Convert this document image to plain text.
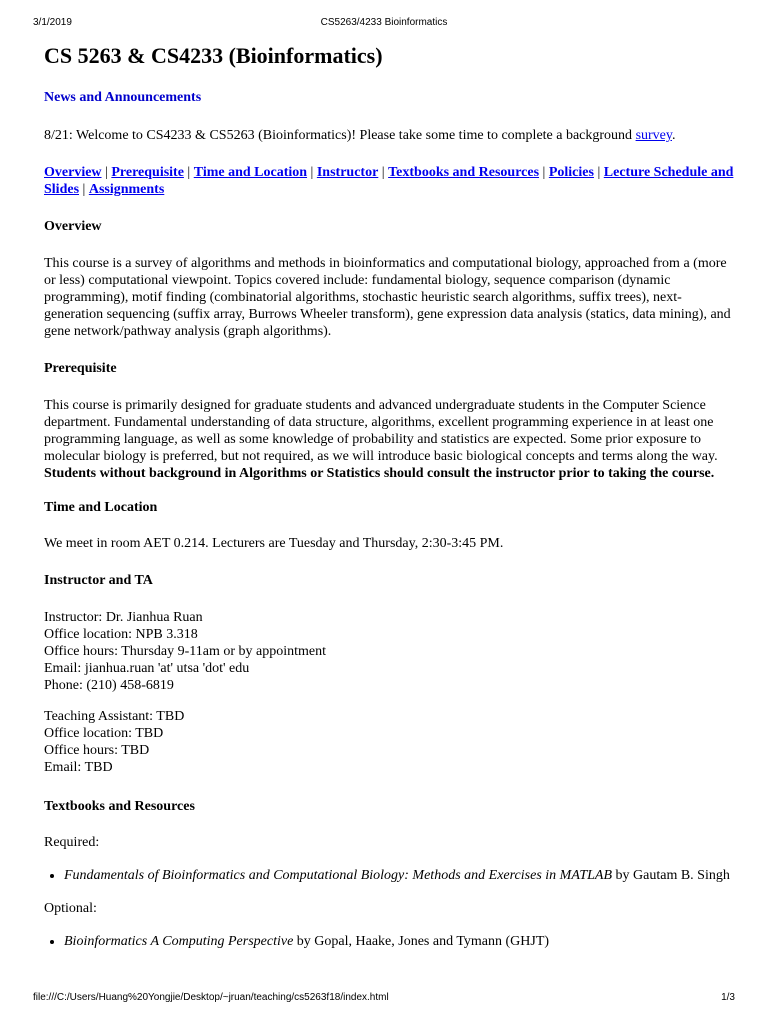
3/1/2019	CS5263/4233 Bioinformatics
CS 5263 & CS4233 (Bioinformatics)
News and Announcements

8/21: Welcome to CS4233 & CS5263 (Bioinformatics)! Please take some time to complete a background survey.

Overview | Prerequisite | Time and Location | Instructor | Textbooks and Resources | Policies | Lecture Schedule and Slides | Assignments

Overview

This course is a survey of algorithms and methods in bioinformatics and computational biology, approached from a (more or less) computational viewpoint. Topics covered include: fundamental biology, sequence comparison (dynamic programming), motif finding (combinatorial algorithms, stochastic heuristic search algorithms, suffix trees), next-generation sequencing (suffix array, Burrows Wheeler transform), gene expression data analysis (statics, data mining), and gene network/pathway analysis (graph algorithms).

Prerequisite

This course is primarily designed for graduate students and advanced undergraduate students in the Computer Science department. Fundamental understanding of data structure, algorithms, excellent programming experience in at least one programming language, as well as some knowledge of probability and statistics are expected. Some prior exposure to molecular biology is preferred, but not required, as we will introduce basic biological concepts and terms along the way. Students without background in Algorithms or Statistics should consult the instructor prior to taking the course.

Time and Location

We meet in room AET 0.214. Lecturers are Tuesday and Thursday, 2:30-3:45 PM.

Instructor and TA
Instructor: Dr. Jianhua Ruan
Office location: NPB 3.318
Office hours: Thursday 9-11am or by appointment
Email: jianhua.ruan 'at' utsa 'dot' edu
Phone: (210) 458-6819
Teaching Assistant: TBD
Office location: TBD
Office hours: TBD
Email: TBD
Textbooks and Resources

Required:

• Fundamentals of Bioinformatics and Computational Biology: Methods and Exercises in MATLAB by Gautam B. Singh

Optional:

• Bioinformatics A Computing Perspective by Gopal, Haake, Jones and Tymann (GHJT)
file:///C:/Users/Huang%20Yongjie/Desktop/~jruan/teaching/cs5263f18/index.html	1/3
